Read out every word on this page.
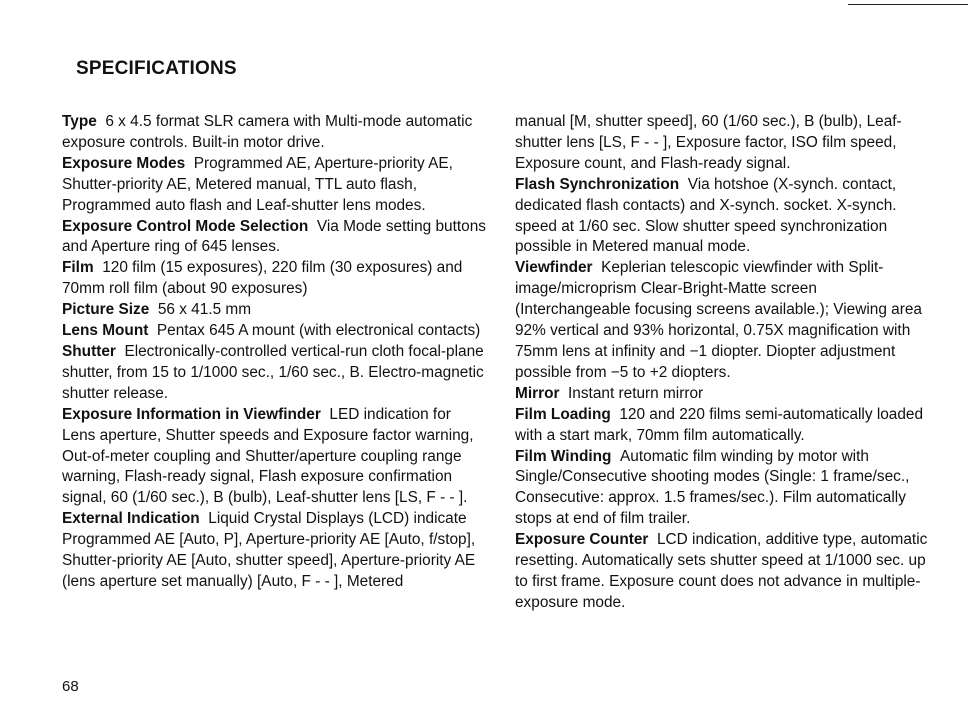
SPECIFICATIONS

Type 6 x 4.5 format SLR camera with Multi-mode automatic exposure controls. Built-in motor drive.

Exposure Modes Programmed AE, Aperture-priority AE, Shutter-priority AE, Metered manual, TTL auto flash, Programmed auto flash and Leaf-shutter lens modes.

Exposure Control Mode Selection Via Mode setting buttons and Aperture ring of 645 lenses.

Film 120 film (15 exposures), 220 film (30 exposures) and 70mm roll film (about 90 exposures)

Picture Size 56 x 41.5 mm

Lens Mount Pentax 645 A mount (with electronical contacts)

Shutter Electronically-controlled vertical-run cloth focal-plane shutter, from 15 to 1/1000 sec., 1/60 sec., B. Electro-magnetic shutter release.

Exposure Information in Viewfinder LED indication for Lens aperture, Shutter speeds and Exposure factor warning, Out-of-meter coupling and Shutter/aperture coupling range warning, Flash-ready signal, Flash exposure confirmation signal, 60 (1/60 sec.), B (bulb), Leaf-shutter lens [LS, F - - ].

External Indication Liquid Crystal Displays (LCD) indicate Programmed AE [Auto, P], Aperture-priority AE [Auto, f/stop], Shutter-priority AE [Auto, shutter speed], Aperture-priority AE (lens aperture set manually) [Auto, F - - ], Metered

manual [M, shutter speed], 60 (1/60 sec.), B (bulb), Leaf-shutter lens [LS, F - - ], Exposure factor, ISO film speed, Exposure count, and Flash-ready signal.

Flash Synchronization Via hotshoe (X-synch. contact, dedicated flash contacts) and X-synch. socket. X-synch. speed at 1/60 sec. Slow shutter speed synchronization possible in Metered manual mode.

Viewfinder Keplerian telescopic viewfinder with Split-image/microprism Clear-Bright-Matte screen (Interchangeable focusing screens available.); Viewing area 92% vertical and 93% horizontal, 0.75X magnification with 75mm lens at infinity and −1 diopter. Diopter adjustment possible from −5 to +2 diopters.

Mirror Instant return mirror

Film Loading 120 and 220 films semi-automatically loaded with a start mark, 70mm film automatically.

Film Winding Automatic film winding by motor with Single/Consecutive shooting modes (Single: 1 frame/sec., Consecutive: approx. 1.5 frames/sec.). Film automatically stops at end of film trailer.

Exposure Counter LCD indication, additive type, automatic resetting. Automatically sets shutter speed at 1/1000 sec. up to first frame. Exposure count does not advance in multiple-exposure mode.

68
